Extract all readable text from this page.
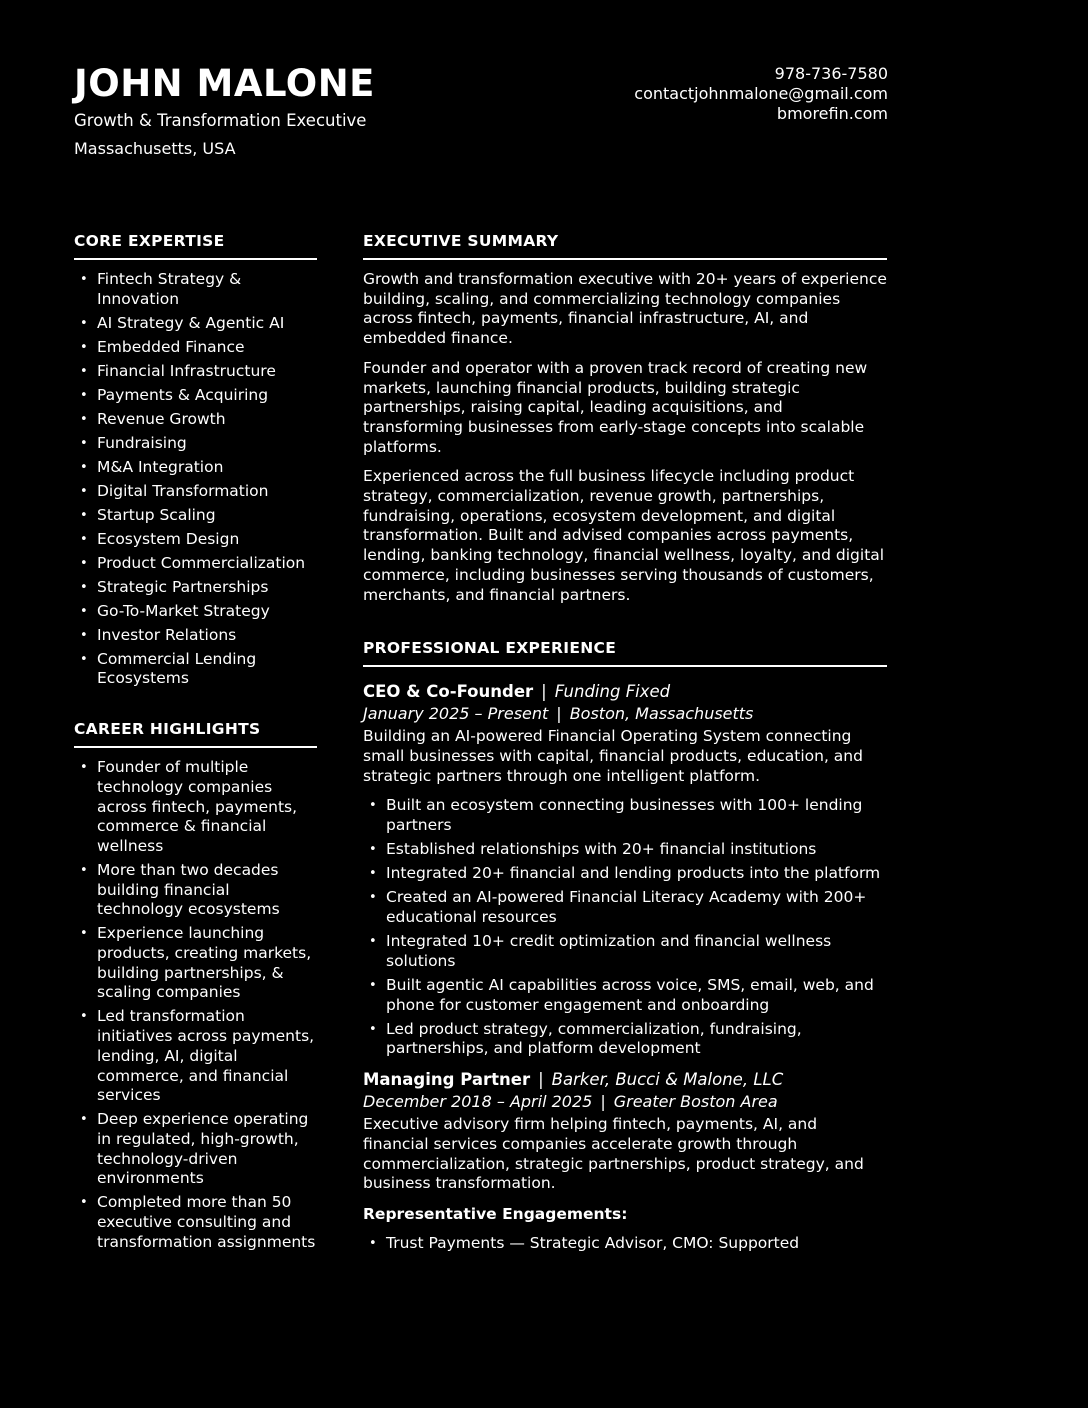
JOHN MALONE
Growth & Transformation Executive
Massachusetts, USA
978-736-7580
contactjohnmalone@gmail.com
bmorefin.com
CORE EXPERTISE
• Fintech Strategy & Innovation
• AI Strategy & Agentic AI
• Embedded Finance
• Financial Infrastructure
• Payments & Acquiring
• Revenue Growth
• Fundraising
• M&A Integration
• Digital Transformation
• Startup Scaling
• Ecosystem Design
• Product Commercialization
• Strategic Partnerships
• Go-To-Market Strategy
• Investor Relations
• Commercial Lending Ecosystems
CAREER HIGHLIGHTS
• Founder of multiple technology companies across fintech, payments, commerce & financial wellness
• More than two decades building financial technology ecosystems
• Experience launching products, creating markets, building partnerships, & scaling companies
• Led transformation initiatives across payments, lending, AI, digital commerce, and financial services
• Deep experience operating in regulated, high-growth, technology-driven environments
• Completed more than 50 executive consulting and transformation assignments
EXECUTIVE SUMMARY

Growth and transformation executive with 20+ years of experience building, scaling, and commercializing technology companies across fintech, payments, financial infrastructure, AI, and embedded finance.

Founder and operator with a proven track record of creating new markets, launching financial products, building strategic partnerships, raising capital, leading acquisitions, and transforming businesses from early-stage concepts into scalable platforms.

Experienced across the full business lifecycle including product strategy, commercialization, revenue growth, partnerships, fundraising, operations, ecosystem development, and digital transformation. Built and advised companies across payments, lending, banking technology, financial wellness, loyalty, and digital commerce, including businesses serving thousands of customers, merchants, and financial partners.

PROFESSIONAL EXPERIENCE
CEO & Co-Founder | Funding Fixed
January 2025 – Present | Boston, Massachusetts

Building an AI-powered Financial Operating System connecting small businesses with capital, financial products, education, and strategic partners through one intelligent platform.

• Built an ecosystem connecting businesses with 100+ lending partners
• Established relationships with 20+ financial institutions
• Integrated 20+ financial and lending products into the platform
• Created an AI-powered Financial Literacy Academy with 200+ educational resources
• Integrated 10+ credit optimization and financial wellness solutions
• Built agentic AI capabilities across voice, SMS, email, web, and phone for customer engagement and onboarding
• Led product strategy, commercialization, fundraising, partnerships, and platform development
Managing Partner | Barker, Bucci & Malone, LLC
December 2018 – April 2025 | Greater Boston Area

Executive advisory firm helping fintech, payments, AI, and financial services companies accelerate growth through commercialization, strategic partnerships, product strategy, and business transformation.

Representative Engagements:
• Trust Payments — Strategic Advisor, CMO: Supported
